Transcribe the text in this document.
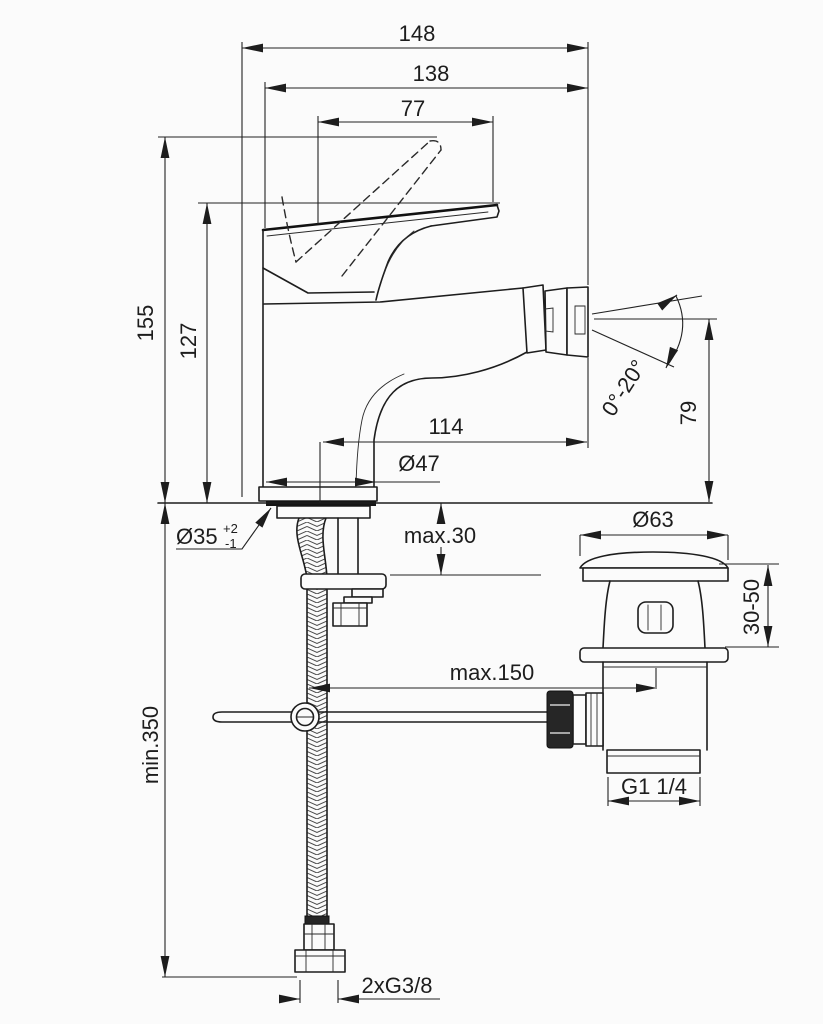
148
138
77
155 127
114
Ø47
Ø35 +2
-1	max.30
0°-20° 79
Ø63
30-50
max.150
min.350
G1 1/4
2xG3/8
